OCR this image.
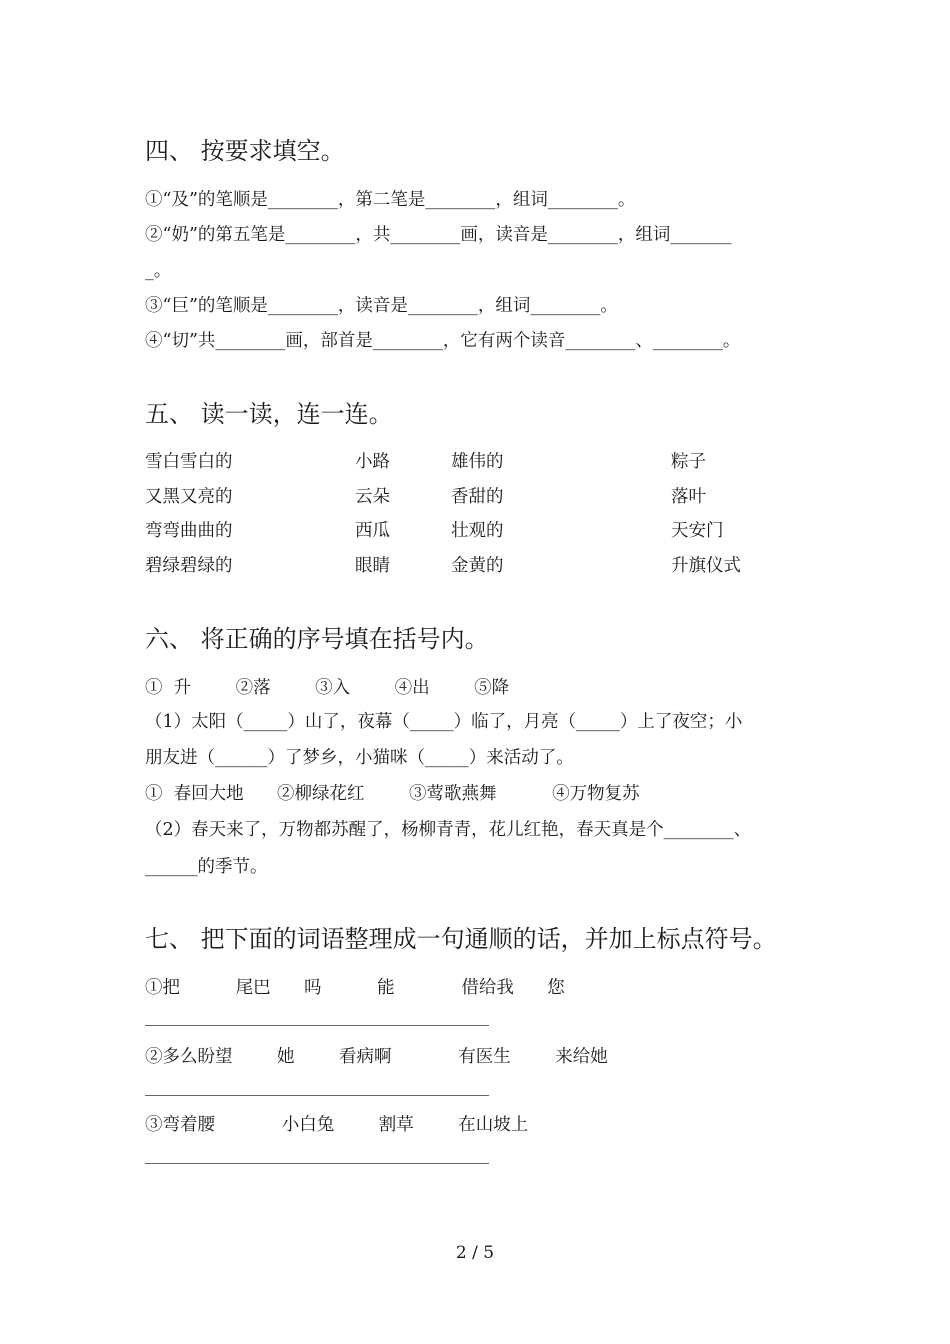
四、 按要求填空。
①“及”的笔顺是________，第二笔是________，组词________。
②“奶”的第五笔是________，共________画，读音是________，组词_______
_。
③“巨”的笔顺是________，读音是________，组词________。
④“切”共________画，部首是________，它有两个读音________、________。
五、 读一读，连一连。
雪白雪白的
又黑又亮的
弯弯曲曲的
碧绿碧绿的
小路
云朵
西瓜
眼睛
雄伟的
香甜的
壮观的
金黄的
粽子
落叶
天安门
升旗仪式
六、 将正确的序号填在括号内。
①  升        ②落        ③入        ④出        ⑤降
（1）太阳（_____）山了，夜幕（_____）临了，月亮（_____）上了夜空；小
朋友进（______）了梦乡，小猫咪（_____）来活动了。
①  春回大地      ②柳绿花红        ③莺歌燕舞          ④万物复苏
（2）春天来了，万物都苏醒了，杨柳青青，花儿红艳，春天真是个________、
______的季节。
七、 把下面的词语整理成一句通顺的话，并加上标点符号。
①把          尾巴      吗          能            借给我      您
②多么盼望        她        看病啊            有医生        来给她
③弯着腰            小白兔        割草        在山坡上
2 / 5
